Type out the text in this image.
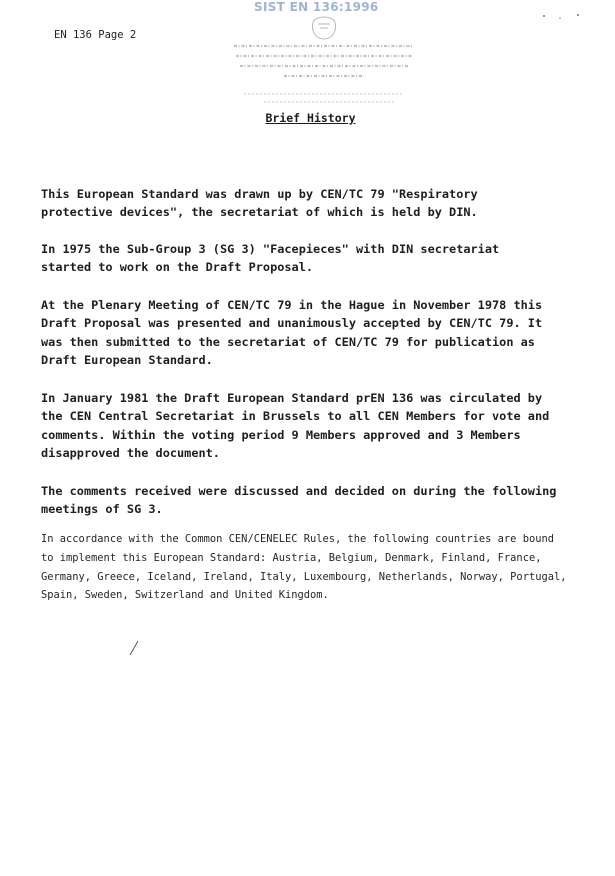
SIST EN 136:1996
EN 136 Page 2
Brief History
This European Standard was drawn up by CEN/TC 79 "Respiratory
protective devices", the secretariat of which is held by DIN.
In 1975 the Sub-Group 3 (SG 3) "Facepieces" with DIN secretariat
started to work on the Draft Proposal.
At the Plenary Meeting of CEN/TC 79 in the Hague in November 1978 this
Draft Proposal was presented and unanimously accepted by CEN/TC 79. It
was then submitted to the secretariat of CEN/TC 79 for publication as
Draft European Standard.
In January 1981 the Draft European Standard prEN 136 was circulated by
the CEN Central Secretariat in Brussels to all CEN Members for vote and
comments. Within the voting period 9 Members approved and 3 Members
disapproved the document.
The comments received were discussed and decided on during the following
meetings of SG 3.
In accordance with the Common CEN/CENELEC Rules, the following countries are bound
to implement this European Standard: Austria, Belgium, Denmark, Finland, France,
Germany, Greece, Iceland, Ireland, Italy, Luxembourg, Netherlands, Norway, Portugal,
Spain, Sweden, Switzerland and United Kingdom.
